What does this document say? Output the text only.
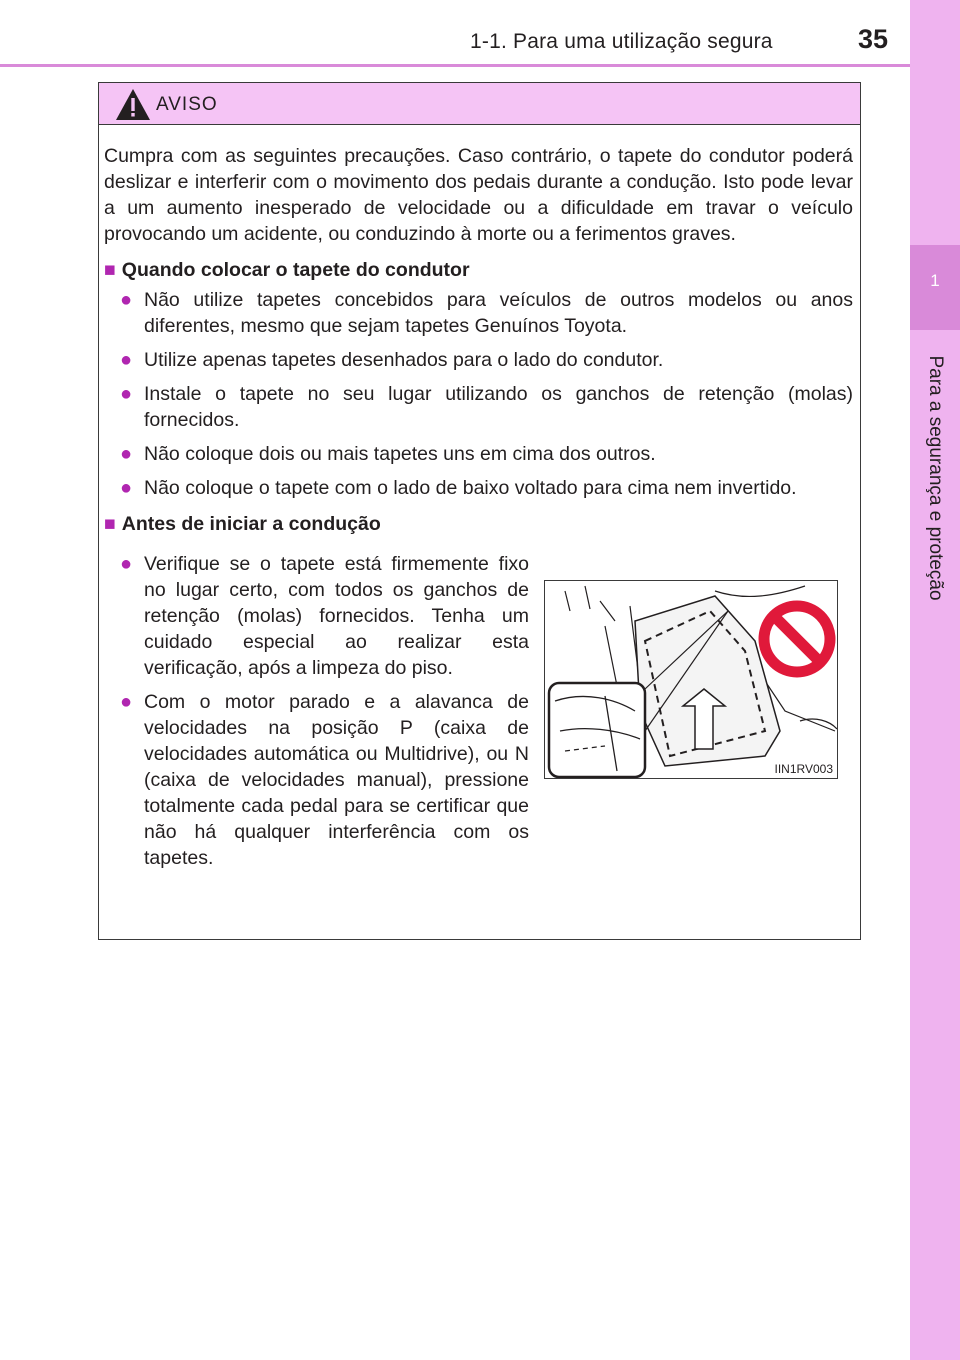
1-1. Para uma utilização segura	35
1
Para a segurança e proteção
AVISO

Cumpra com as seguintes precauções. Caso contrário, o tapete do condutor poderá deslizar e interferir com o movimento dos pedais durante a condução. Isto pode levar a um aumento inesperado de velocidade ou a dificuldade em travar o veículo provocando um acidente, ou conduzindo à morte ou a ferimentos graves.

■ Quando colocar o tapete do condutor
● Não utilize tapetes concebidos para veículos de outros modelos ou anos diferentes, mesmo que sejam tapetes Genuínos Toyota.
● Utilize apenas tapetes desenhados para o lado do condutor.
● Instale o tapete no seu lugar utilizando os ganchos de retenção (molas) fornecidos.
● Não coloque dois ou mais tapetes uns em cima dos outros.
● Não coloque o tapete com o lado de baixo voltado para cima nem invertido.
■ Antes de iniciar a condução
● Verifique se o tapete está firmemente fixo no lugar certo, com todos os ganchos de retenção (molas) fornecidos. Tenha um cuidado especial ao realizar esta verificação, após a limpeza do piso.
● Com o motor parado e a alavanca de velocidades na posição P (caixa de velocidades automática ou Multidrive), ou N (caixa de velocidades manual), pressione totalmente cada pedal para se certificar que não há qualquer interferência com os tapetes.
IIN1RV003
